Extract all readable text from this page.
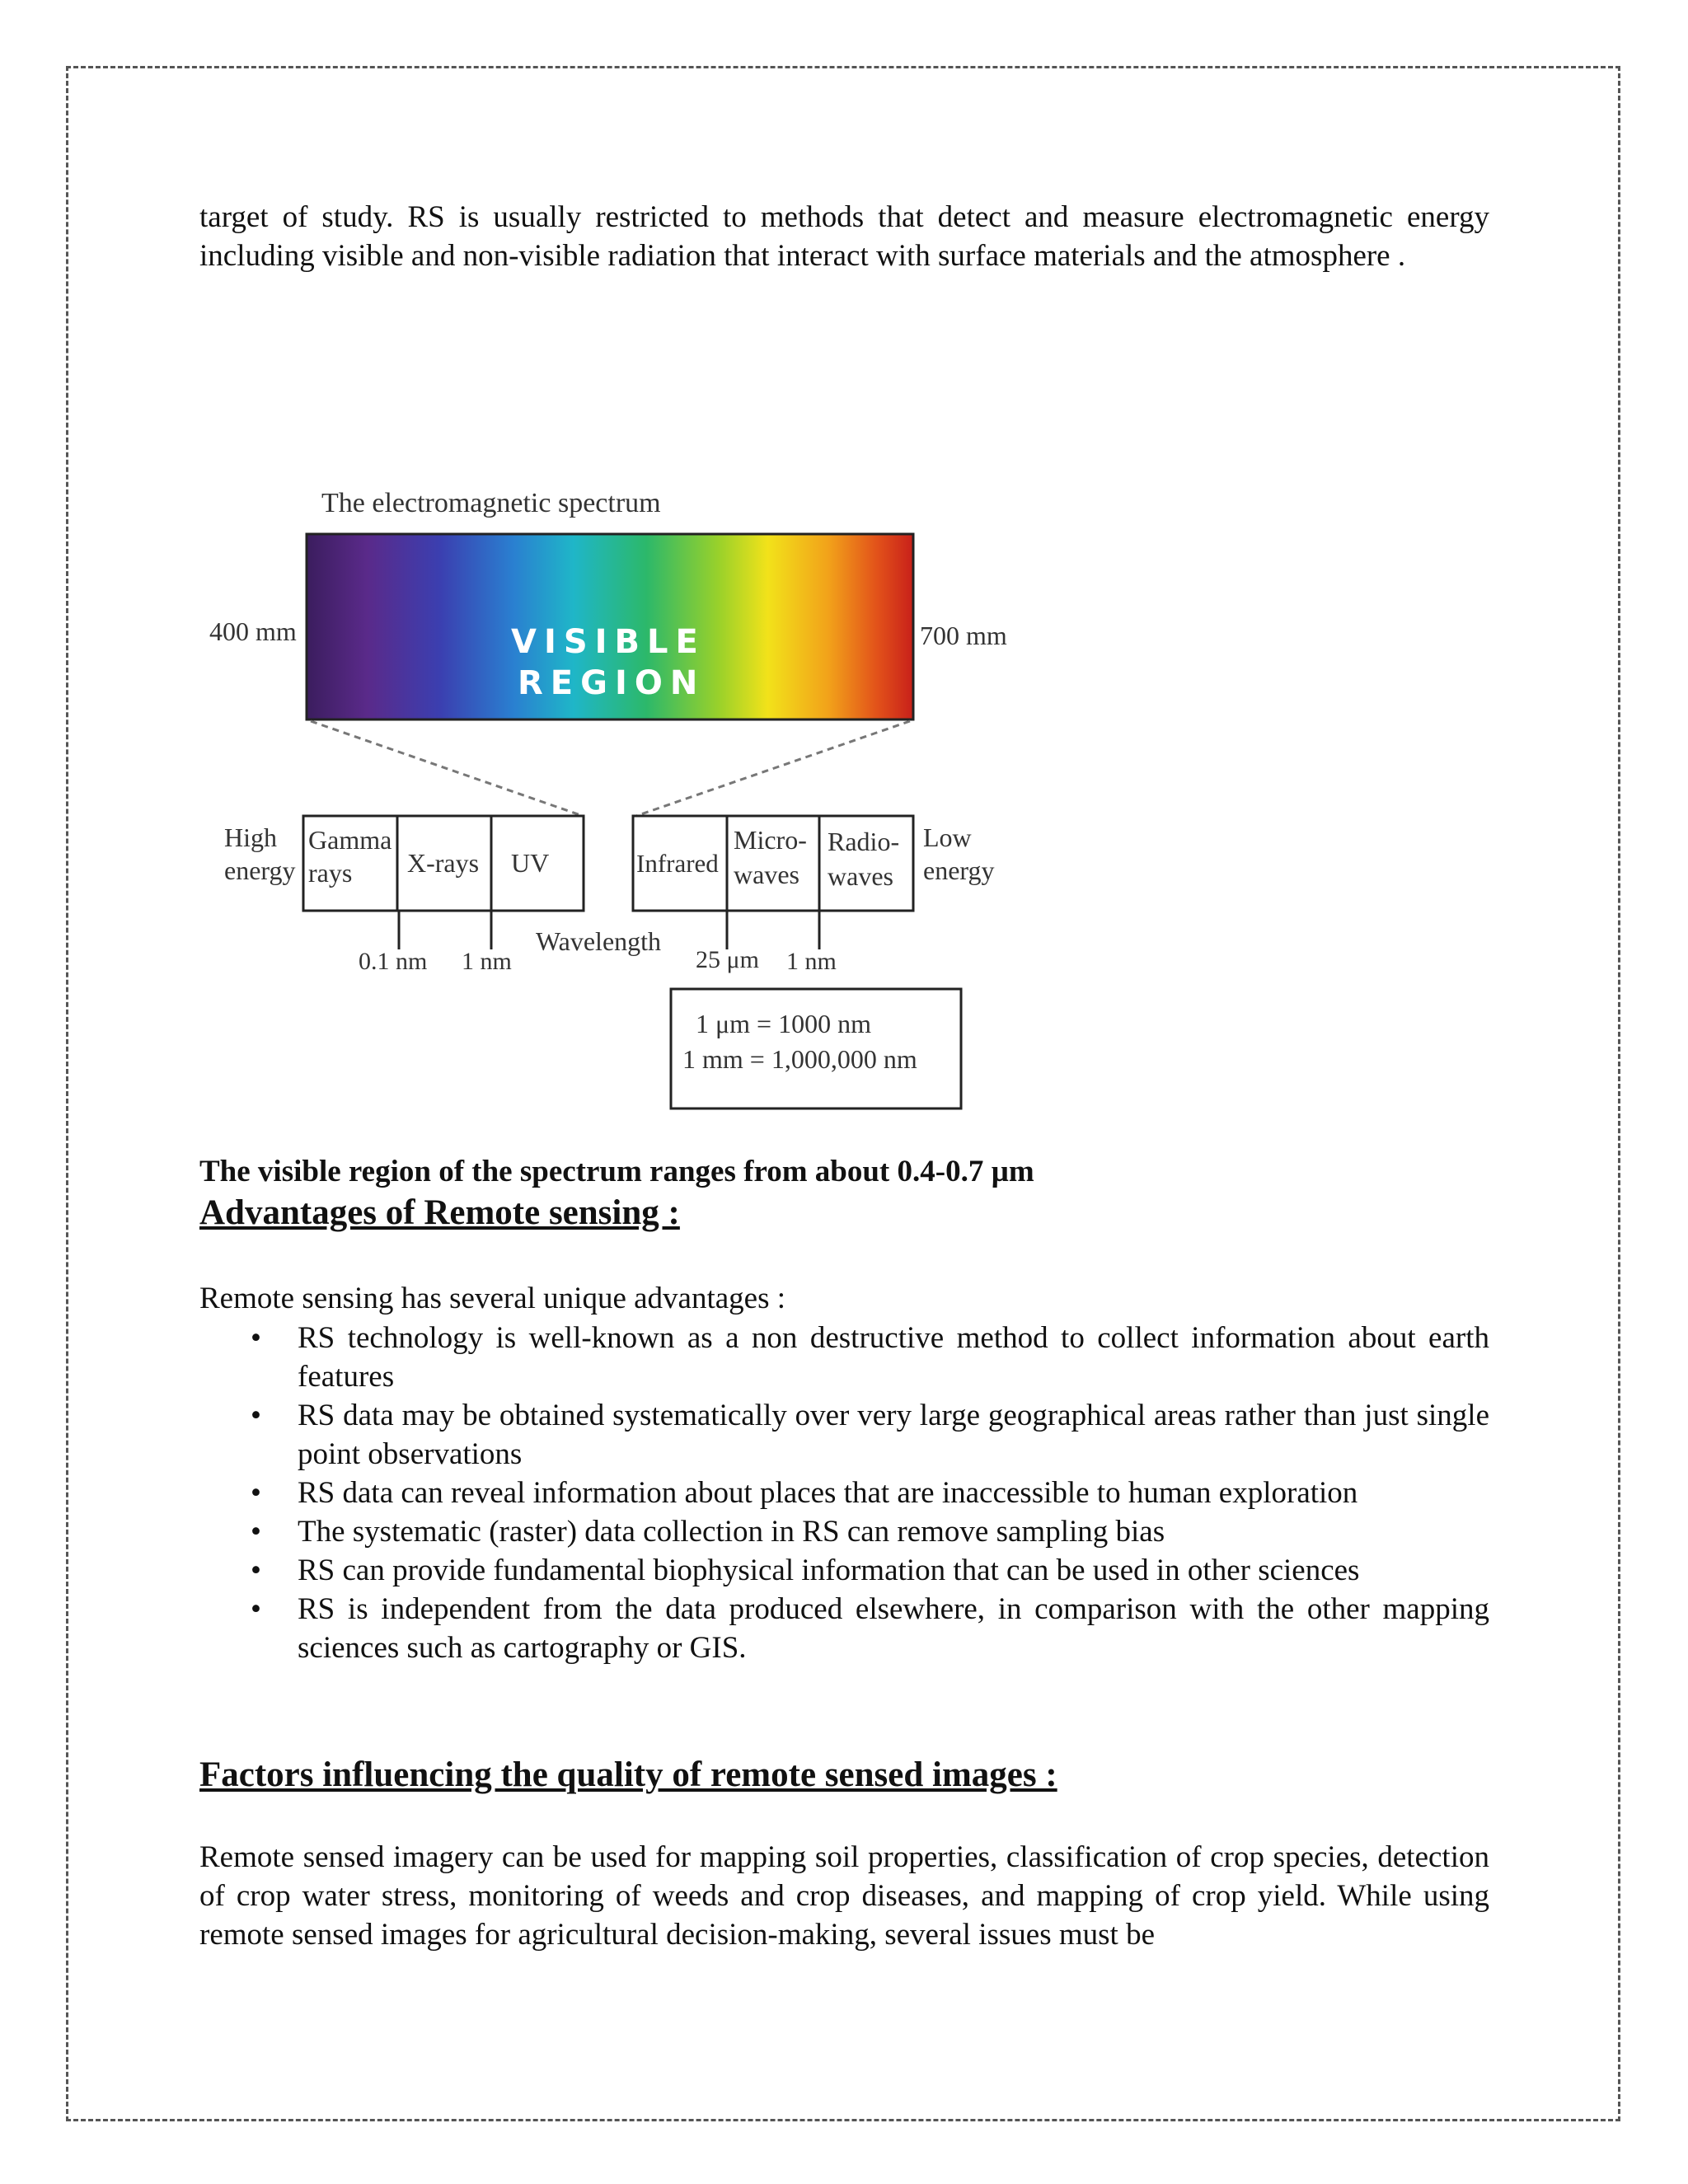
target of study. RS is usually restricted to methods that detect and measure electromagnetic energy including visible and non-visible radiation that interact with surface materials and the atmosphere .

The electromagnetic spectrum
400 mm	700 mm
VISIBLE
REGION
High
energy
Gamma
rays X-rays UV	Infrared
Micro-
waves
Radio-
waves
Low
energy
0.1 nm 1 nm
Wavelength
25 μm 1 nm
1 μm = 1000 nm
1 mm = 1,000,000 nm

The visible region of the spectrum ranges from about 0.4-0.7 µm

Advantages of Remote sensing :

Remote sensing has several unique advantages :

• RS technology is well-known as a non destructive method to collect information about earth features
• RS data may be obtained systematically over very large geographical areas rather than just single point observations
• RS data can reveal information about places that are inaccessible to human exploration
• The systematic (raster) data collection in RS can remove sampling bias
• RS can provide fundamental biophysical information that can be used in other sciences
• RS is independent from the data produced elsewhere, in comparison with the other mapping sciences such as cartography or GIS.
Factors influencing the quality of remote sensed images :

Remote sensed imagery can be used for mapping soil properties, classification of crop species, detection of crop water stress, monitoring of weeds and crop diseases, and mapping of crop yield. While using remote sensed images for agricultural decision-making, several issues must be
